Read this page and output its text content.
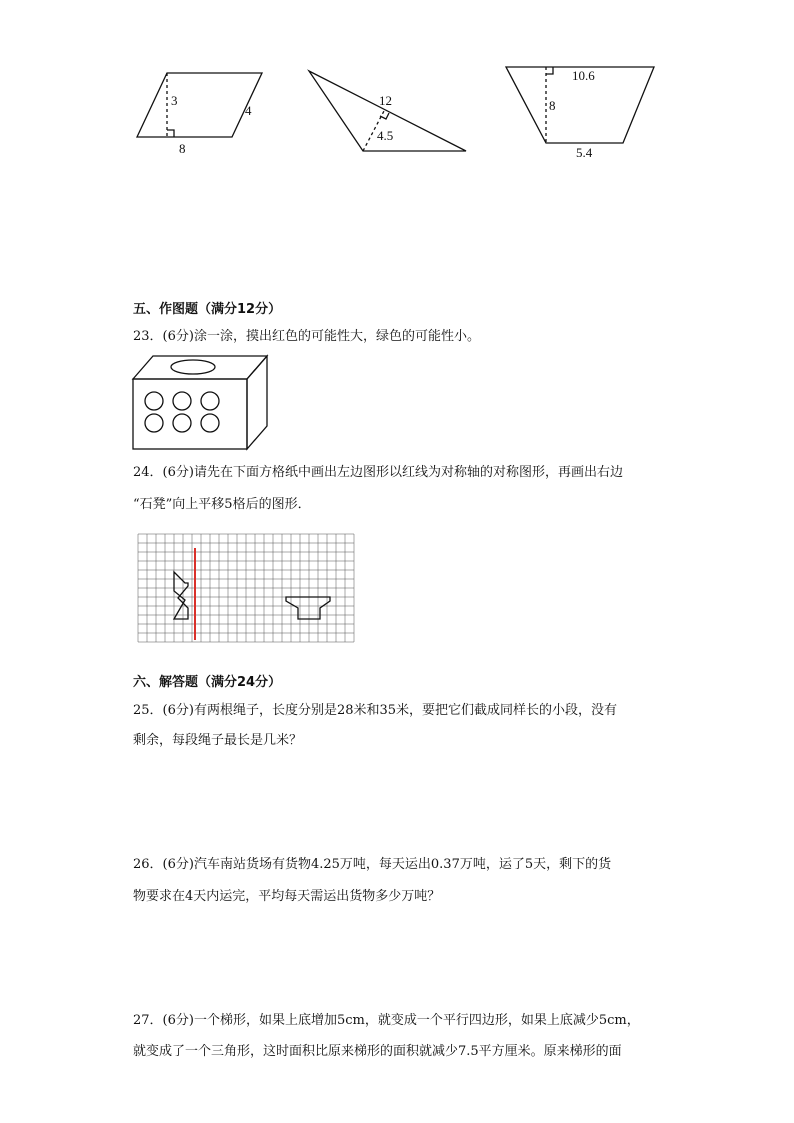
3
4
8
12
4.5
10.6
8
5.4
五、作图题（满分12分）
23．(6分)涂一涂，摸出红色的可能性大，绿色的可能性小。
24．(6分)请先在下面方格纸中画出左边图形以红线为对称轴的对称图形，再画出右边
“石凳”向上平移5格后的图形．
六、解答题（满分24分）
25．(6分)有两根绳子，长度分别是28米和35米，要把它们截成同样长的小段，没有
剩余，每段绳子最长是几米？
26．(6分)汽车南站货场有货物4.25万吨，每天运出0.37万吨，运了5天，剩下的货
物要求在4天内运完，平均每天需运出货物多少万吨？
27．(6分)一个梯形，如果上底增加5cm，就变成一个平行四边形，如果上底减少5cm，
就变成了一个三角形，这时面积比原来梯形的面积就减少7.5平方厘米。原来梯形的面
